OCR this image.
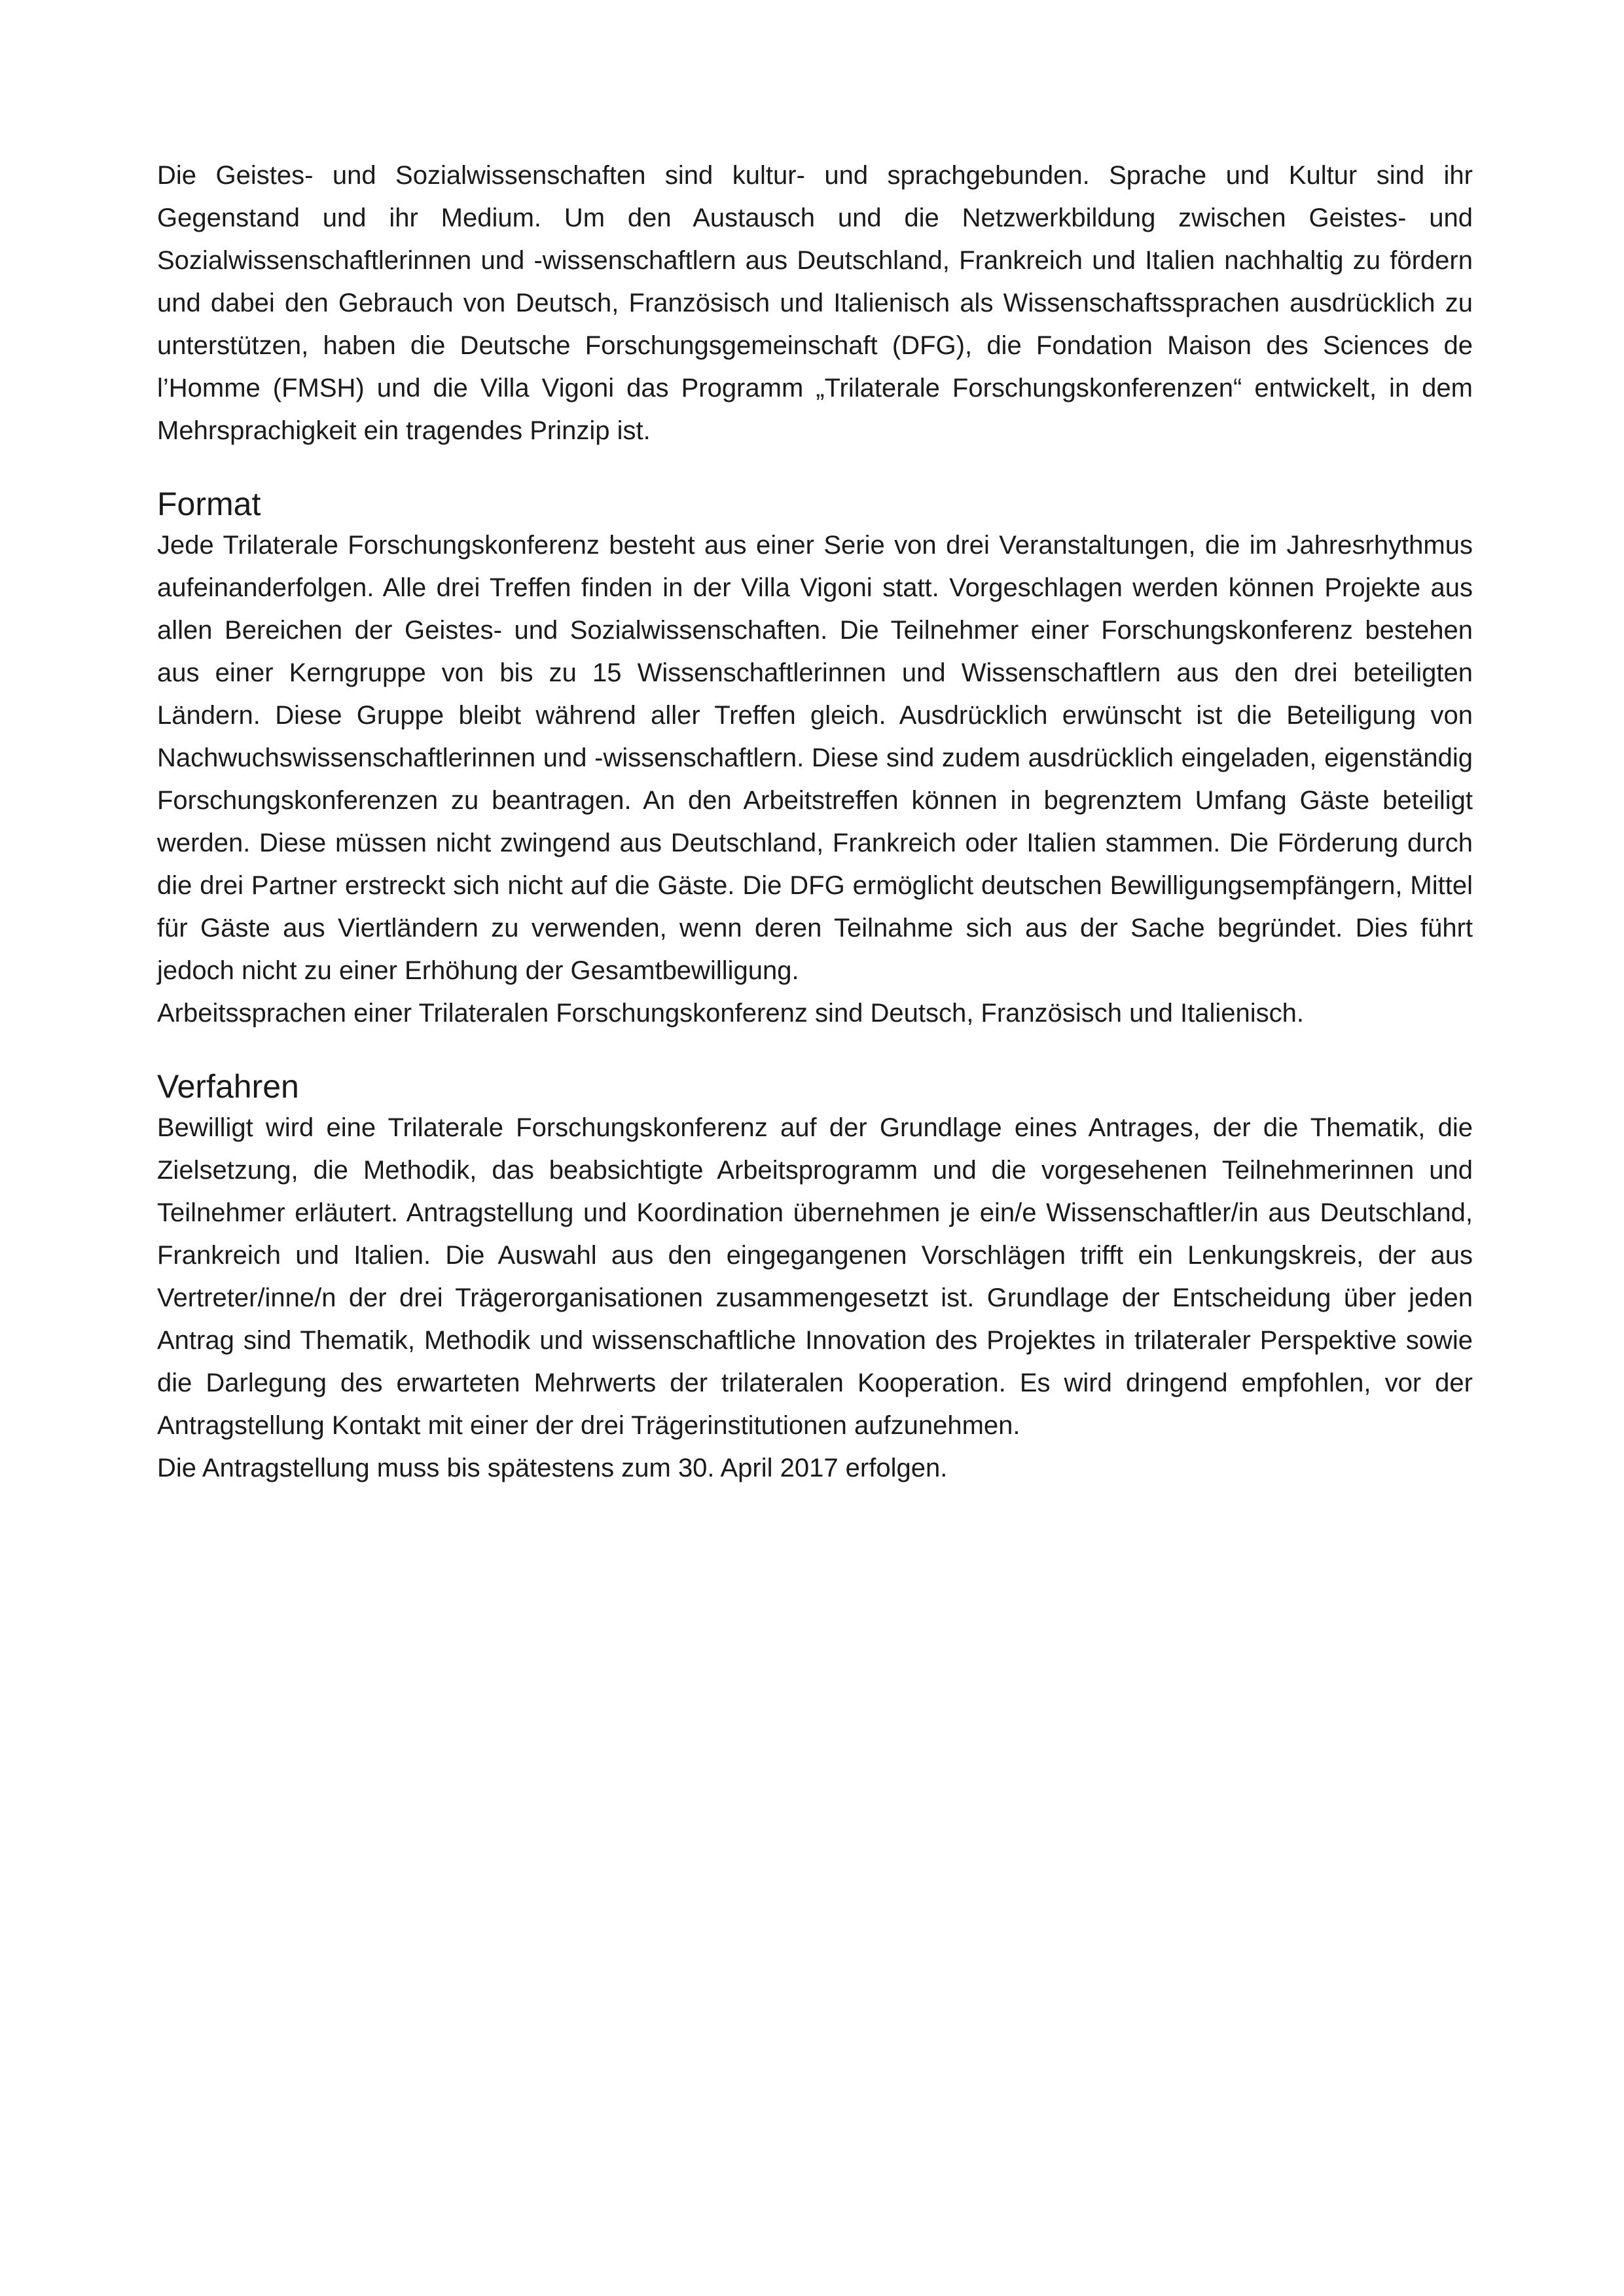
Die Geistes- und Sozialwissenschaften sind kultur- und sprachgebunden. Sprache und Kultur sind ihr Gegenstand und ihr Medium. Um den Austausch und die Netzwerkbildung zwischen Geistes- und Sozialwissenschaftlerinnen und -wissenschaftlern aus Deutschland, Frankreich und Italien nachhaltig zu fördern und dabei den Gebrauch von Deutsch, Französisch und Italienisch als Wissenschaftssprachen ausdrücklich zu unterstützen, haben die Deutsche Forschungsgemeinschaft (DFG), die Fondation Maison des Sciences de l’Homme (FMSH) und die Villa Vigoni das Programm „Trilaterale Forschungskonferenzen“ entwickelt, in dem Mehrsprachigkeit ein tragendes Prinzip ist.

Format

Jede Trilaterale Forschungskonferenz besteht aus einer Serie von drei Veranstaltungen, die im Jahresrhythmus aufeinanderfolgen. Alle drei Treffen finden in der Villa Vigoni statt. Vorgeschlagen werden können Projekte aus allen Bereichen der Geistes- und Sozialwissenschaften. Die Teilnehmer einer Forschungskonferenz bestehen aus einer Kerngruppe von bis zu 15 Wissenschaftlerinnen und Wissenschaftlern aus den drei beteiligten Ländern. Diese Gruppe bleibt während aller Treffen gleich. Ausdrücklich erwünscht ist die Beteiligung von Nachwuchswissenschaftlerinnen und -wissenschaftlern. Diese sind zudem ausdrücklich eingeladen, eigenständig Forschungskonferenzen zu beantragen. An den Arbeitstreffen können in begrenztem Umfang Gäste beteiligt werden. Diese müssen nicht zwingend aus Deutschland, Frankreich oder Italien stammen. Die Förderung durch die drei Partner erstreckt sich nicht auf die Gäste. Die DFG ermöglicht deutschen Bewilligungsempfängern, Mittel für Gäste aus Viertländern zu verwenden, wenn deren Teilnahme sich aus der Sache begründet. Dies führt jedoch nicht zu einer Erhöhung der Gesamtbewilligung.

Arbeitssprachen einer Trilateralen Forschungskonferenz sind Deutsch, Französisch und Italienisch.

Verfahren

Bewilligt wird eine Trilaterale Forschungskonferenz auf der Grundlage eines Antrages, der die Thematik, die Zielsetzung, die Methodik, das beabsichtigte Arbeitsprogramm und die vorgesehenen Teilnehmerinnen und Teilnehmer erläutert. Antragstellung und Koordination übernehmen je ein/e Wissenschaftler/in aus Deutschland, Frankreich und Italien. Die Auswahl aus den eingegangenen Vorschlägen trifft ein Lenkungskreis, der aus Vertreter/inne/n der drei Trägerorganisationen zusammengesetzt ist. Grundlage der Entscheidung über jeden Antrag sind Thematik, Methodik und wissenschaftliche Innovation des Projektes in trilateraler Perspektive sowie die Darlegung des erwarteten Mehrwerts der trilateralen Kooperation. Es wird dringend empfohlen, vor der Antragstellung Kontakt mit einer der drei Trägerinstitutionen aufzunehmen.

Die Antragstellung muss bis spätestens zum 30. April 2017 erfolgen.
